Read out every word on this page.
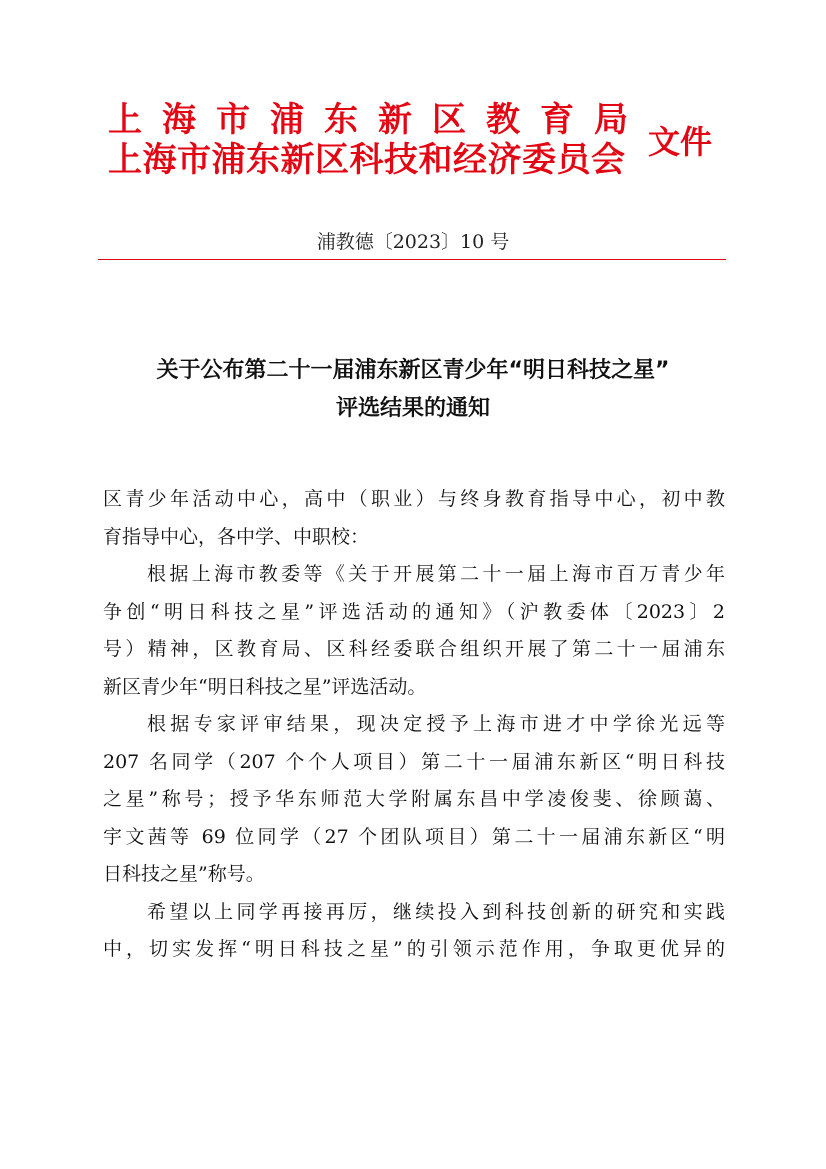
上 海 市 浦 东 新 区 教 育 局
上海市浦东新区科技和经济委员会 文件
浦教德〔2023〕10 号
关于公布第二十一届浦东新区青少年“明日科技之星”
评选结果的通知
区青少年活动中心，高中（职业）与终身教育指导中心，初中教
育指导中心，各中学、中职校：
根据上海市教委等《关于开展第二十一届上海市百万青少年
争创“明日科技之星”评选活动的通知》（沪教委体〔2023〕2
号）精神，区教育局、区科经委联合组织开展了第二十一届浦东
新区青少年“明日科技之星”评选活动。
根据专家评审结果，现决定授予上海市进才中学徐光远等
207 名同学（207 个个人项目）第二十一届浦东新区“明日科技
之星”称号；授予华东师范大学附属东昌中学凌俊斐、徐顾蔼、
宇文茜等 69 位同学（27 个团队项目）第二十一届浦东新区“明
日科技之星”称号。
希望以上同学再接再厉，继续投入到科技创新的研究和实践
中，切实发挥“明日科技之星”的引领示范作用，争取更优异的
